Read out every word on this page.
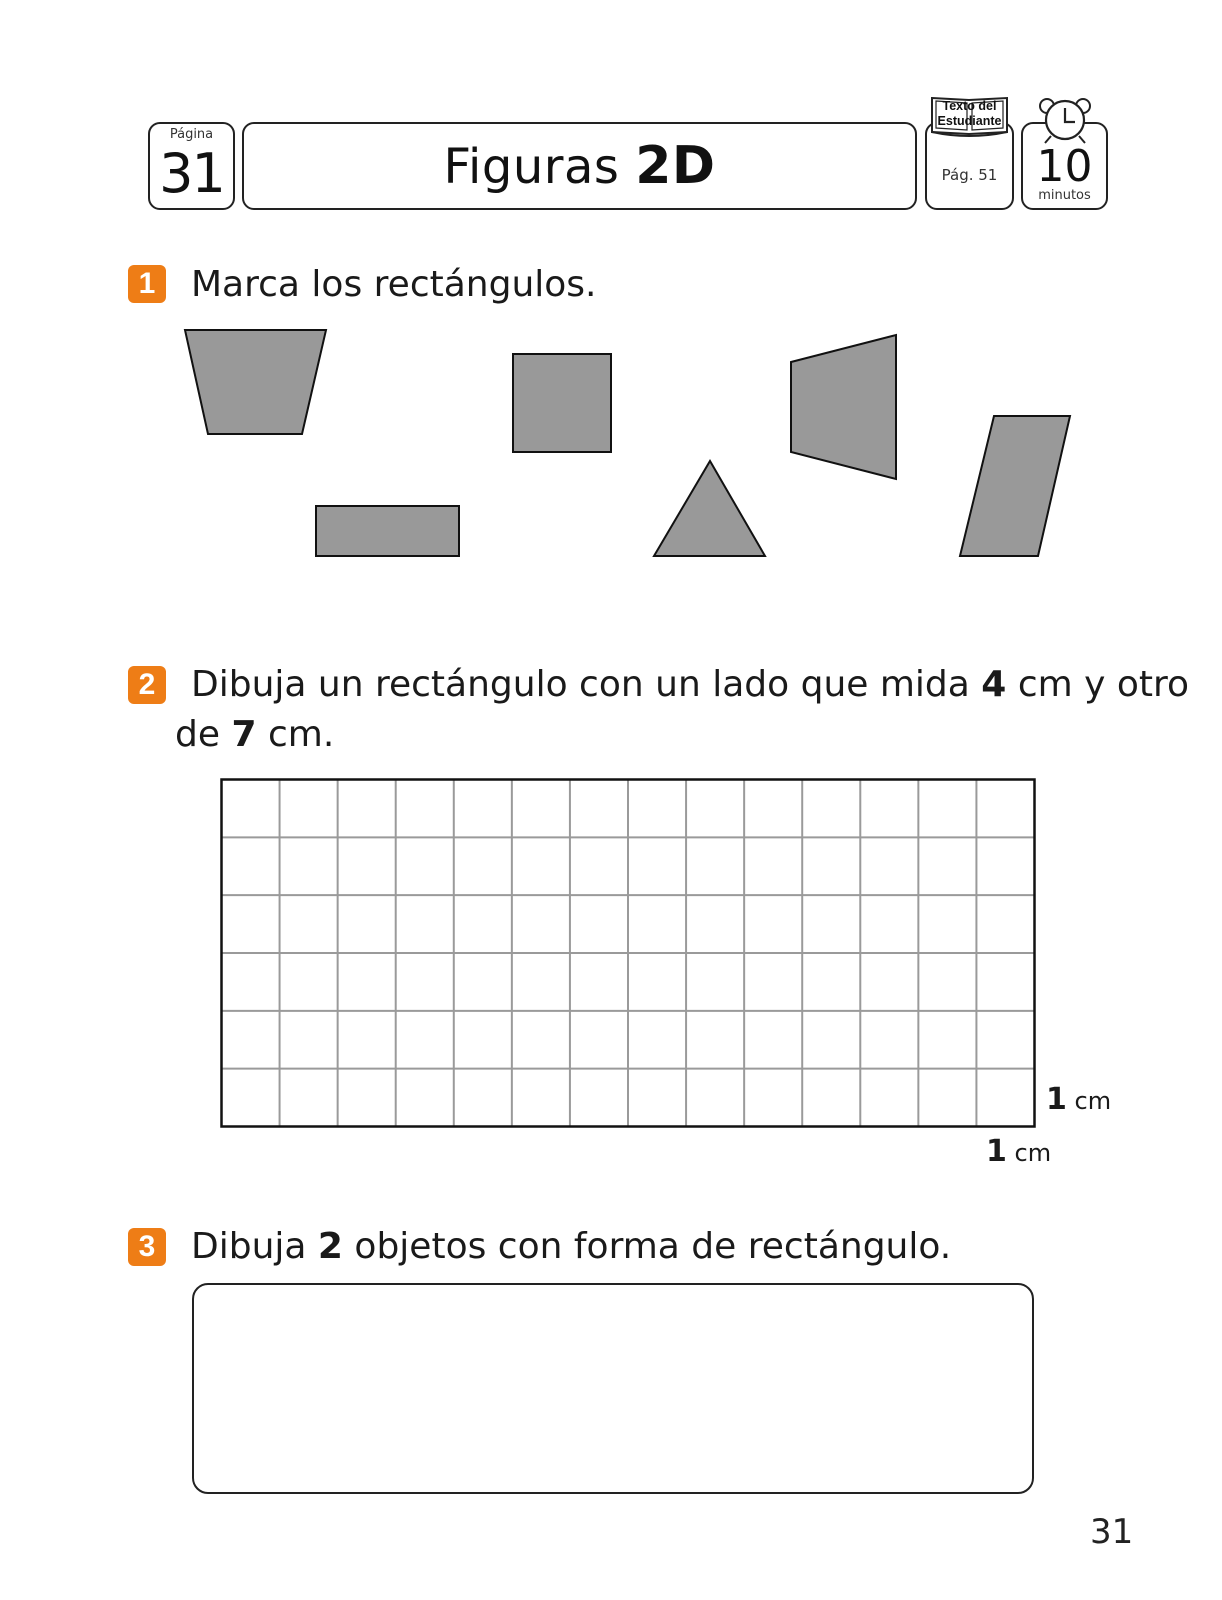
Página
31	Figuras 2D	Pág. 51
Texto del
Estudiante
10
minutos
1 Marca los rectángulos.
2 Dibuja un rectángulo con un lado que mida 4 cm y otro
de 7 cm.
1 cm
1 cm
3 Dibuja 2 objetos con forma de rectángulo.
31
